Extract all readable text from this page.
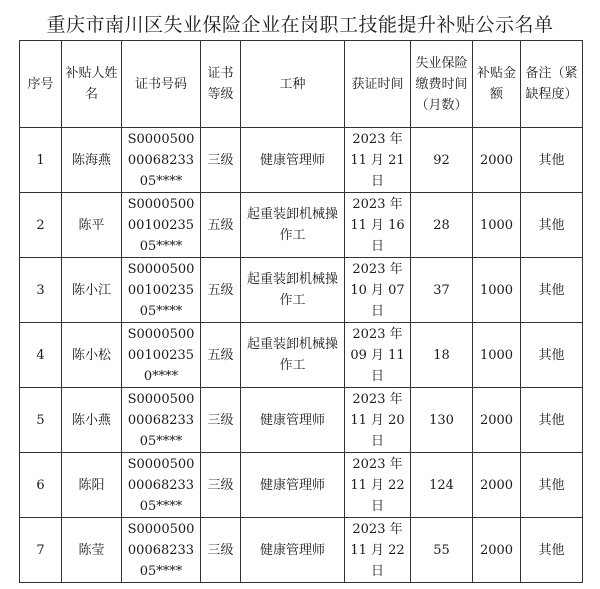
重庆市南川区失业保险企业在岗职工技能提升补贴公示名单
序号	补贴人姓名	证书号码	证书等级	工种	获证时间	失业保险缴费时间（月数）	补贴金额	备注（紧缺程度）
1	陈海燕	S0000500
00068233
05****	三级	健康管理师	2023 年
11 月 21
日	92	2000	其他
2	陈平	S0000500
00100235
05****	五级	起重装卸机械操作工	2023 年
11 月 16
日	28	1000	其他
3	陈小江	S0000500
00100235
05****	五级	起重装卸机械操作工	2023 年
10 月 07
日	37	1000	其他
4	陈小松	S0000500
00100235
0****	五级	起重装卸机械操作工	2023 年
09 月 11
日	18	1000	其他
5	陈小燕	S0000500
00068233
05****	三级	健康管理师	2023 年
11 月 20
日	130	2000	其他
6	陈阳	S0000500
00068233
05****	三级	健康管理师	2023 年
11 月 22
日	124	2000	其他
7	陈莹	S0000500
00068233
05****	三级	健康管理师	2023 年
11 月 22
日	55	2000	其他
